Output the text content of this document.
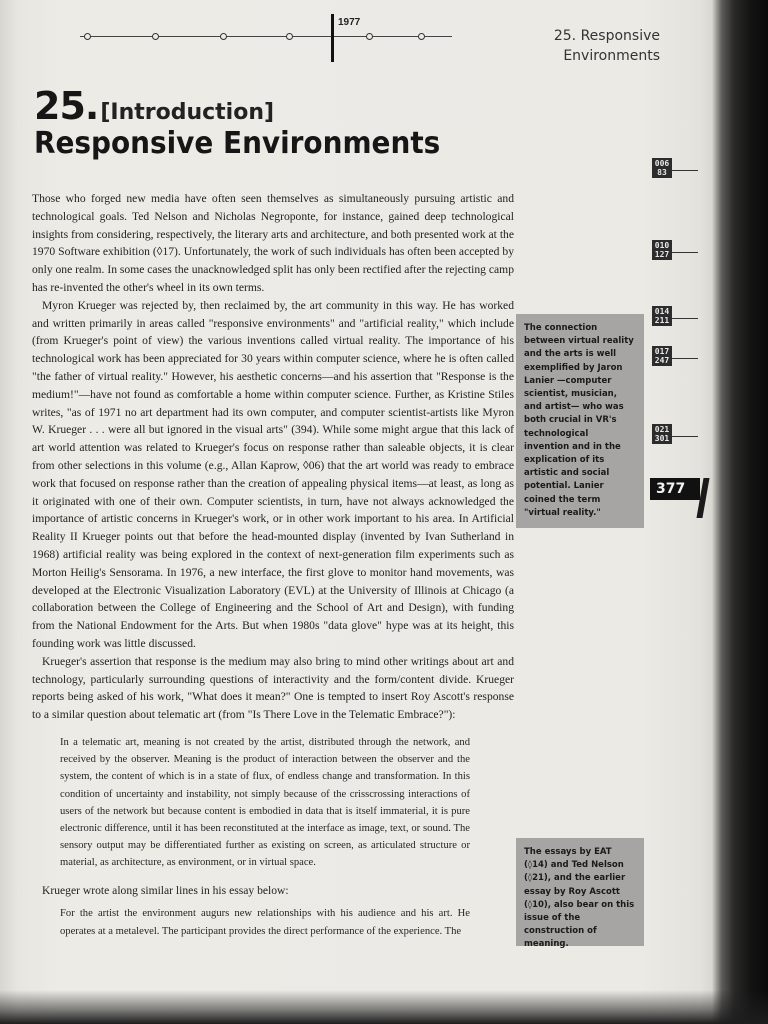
1977
25. Responsive
Environments
25.[Introduction]
Responsive Environments

Those who forged new media have often seen themselves as simultaneously pursuing artistic and technological goals. Ted Nelson and Nicholas Negroponte, for instance, gained deep technological insights from considering, respectively, the literary arts and architecture, and both presented work at the 1970 Software exhibition (◊17). Unfortunately, the work of such individuals has often been accepted by only one realm. In some cases the unacknowledged split has only been rectified after the rejecting camp has re-invented the other's wheel in its own terms.

Myron Krueger was rejected by, then reclaimed by, the art community in this way. He has worked and written primarily in areas called "responsive environments" and "artificial reality," which include (from Krueger's point of view) the various inventions called virtual reality. The importance of his technological work has been appreciated for 30 years within computer science, where he is often called "the father of virtual reality." However, his aesthetic concerns—and his assertion that "Response is the medium!"—have not found as comfortable a home within computer science. Further, as Kristine Stiles writes, "as of 1971 no art department had its own computer, and computer scientist-artists like Myron W. Krueger . . . were all but ignored in the visual arts" (394). While some might argue that this lack of art world attention was related to Krueger's focus on response rather than saleable objects, it is clear from other selections in this volume (e.g., Allan Kaprow, ◊06) that the art world was ready to embrace work that focused on response rather than the creation of appealing physical items—at least, as long as it originated with one of their own. Computer scientists, in turn, have not always acknowledged the importance of artistic concerns in Krueger's work, or in other work important to his area. In Artificial Reality II Krueger points out that before the head-mounted display (invented by Ivan Sutherland in 1968) artificial reality was being explored in the context of next-generation film experiments such as Morton Heilig's Sensorama. In 1976, a new interface, the first glove to monitor hand movements, was developed at the Electronic Visualization Laboratory (EVL) at the University of Illinois at Chicago (a collaboration between the College of Engineering and the School of Art and Design), with funding from the National Endowment for the Arts. But when 1980s "data glove" hype was at its height, this founding work was little discussed.

Krueger's assertion that response is the medium may also bring to mind other writings about art and technology, particularly surrounding questions of interactivity and the form/content divide. Krueger reports being asked of his work, "What does it mean?" One is tempted to insert Roy Ascott's response to a similar question about telematic art (from "Is There Love in the Telematic Embrace?"):

In a telematic art, meaning is not created by the artist, distributed through the network, and received by the observer. Meaning is the product of interaction between the observer and the system, the content of which is in a state of flux, of endless change and transformation. In this condition of uncertainty and instability, not simply because of the crisscrossing interactions of users of the network but because content is embodied in data that is itself immaterial, it is pure electronic difference, until it has been reconstituted at the interface as image, text, or sound. The sensory output may be differentiated further as existing on screen, as articulated structure or material, as architecture, as environment, or in virtual space.

Krueger wrote along similar lines in his essay below:

For the artist the environment augurs new relationships with his audience and his art. He operates at a metalevel. The participant provides the direct performance of the experience. The
The connection between virtual reality and the arts is well exemplified by Jaron Lanier —computer scientist, musician, and artist— who was both crucial in VR's technological invention and in the explication of its artistic and social potential. Lanier coined the term "virtual reality."
The essays by EAT (◊14) and Ted Nelson (◊21), and the earlier essay by Roy Ascott (◊10), also bear on this issue of the construction of meaning.
006
83
010
127
014
211
017
247
021
301
377
